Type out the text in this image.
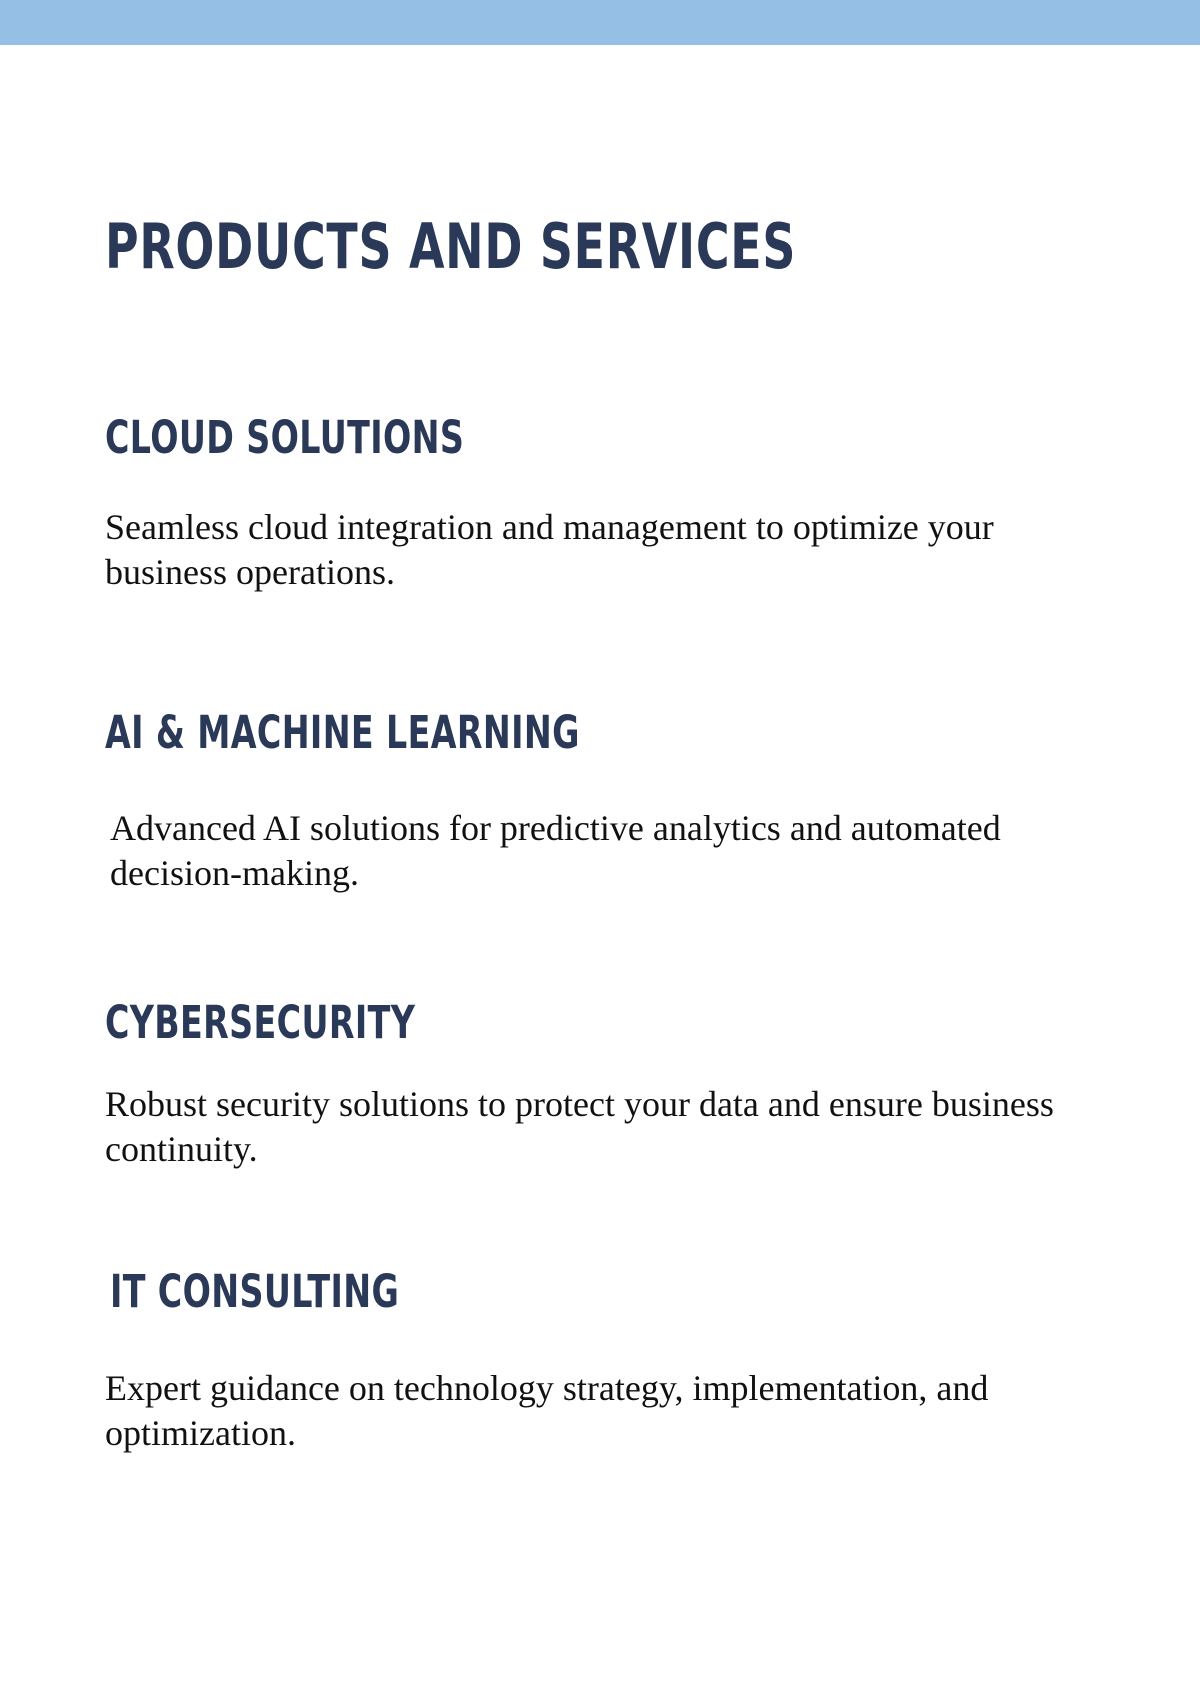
PRODUCTS AND SERVICES
CLOUD SOLUTIONS

Seamless cloud integration and management to optimize your business operations.

AI & MACHINE LEARNING

Advanced AI solutions for predictive analytics and automated decision-making.

CYBERSECURITY

Robust security solutions to protect your data and ensure business continuity.

IT CONSULTING

Expert guidance on technology strategy, implementation, and optimization.
